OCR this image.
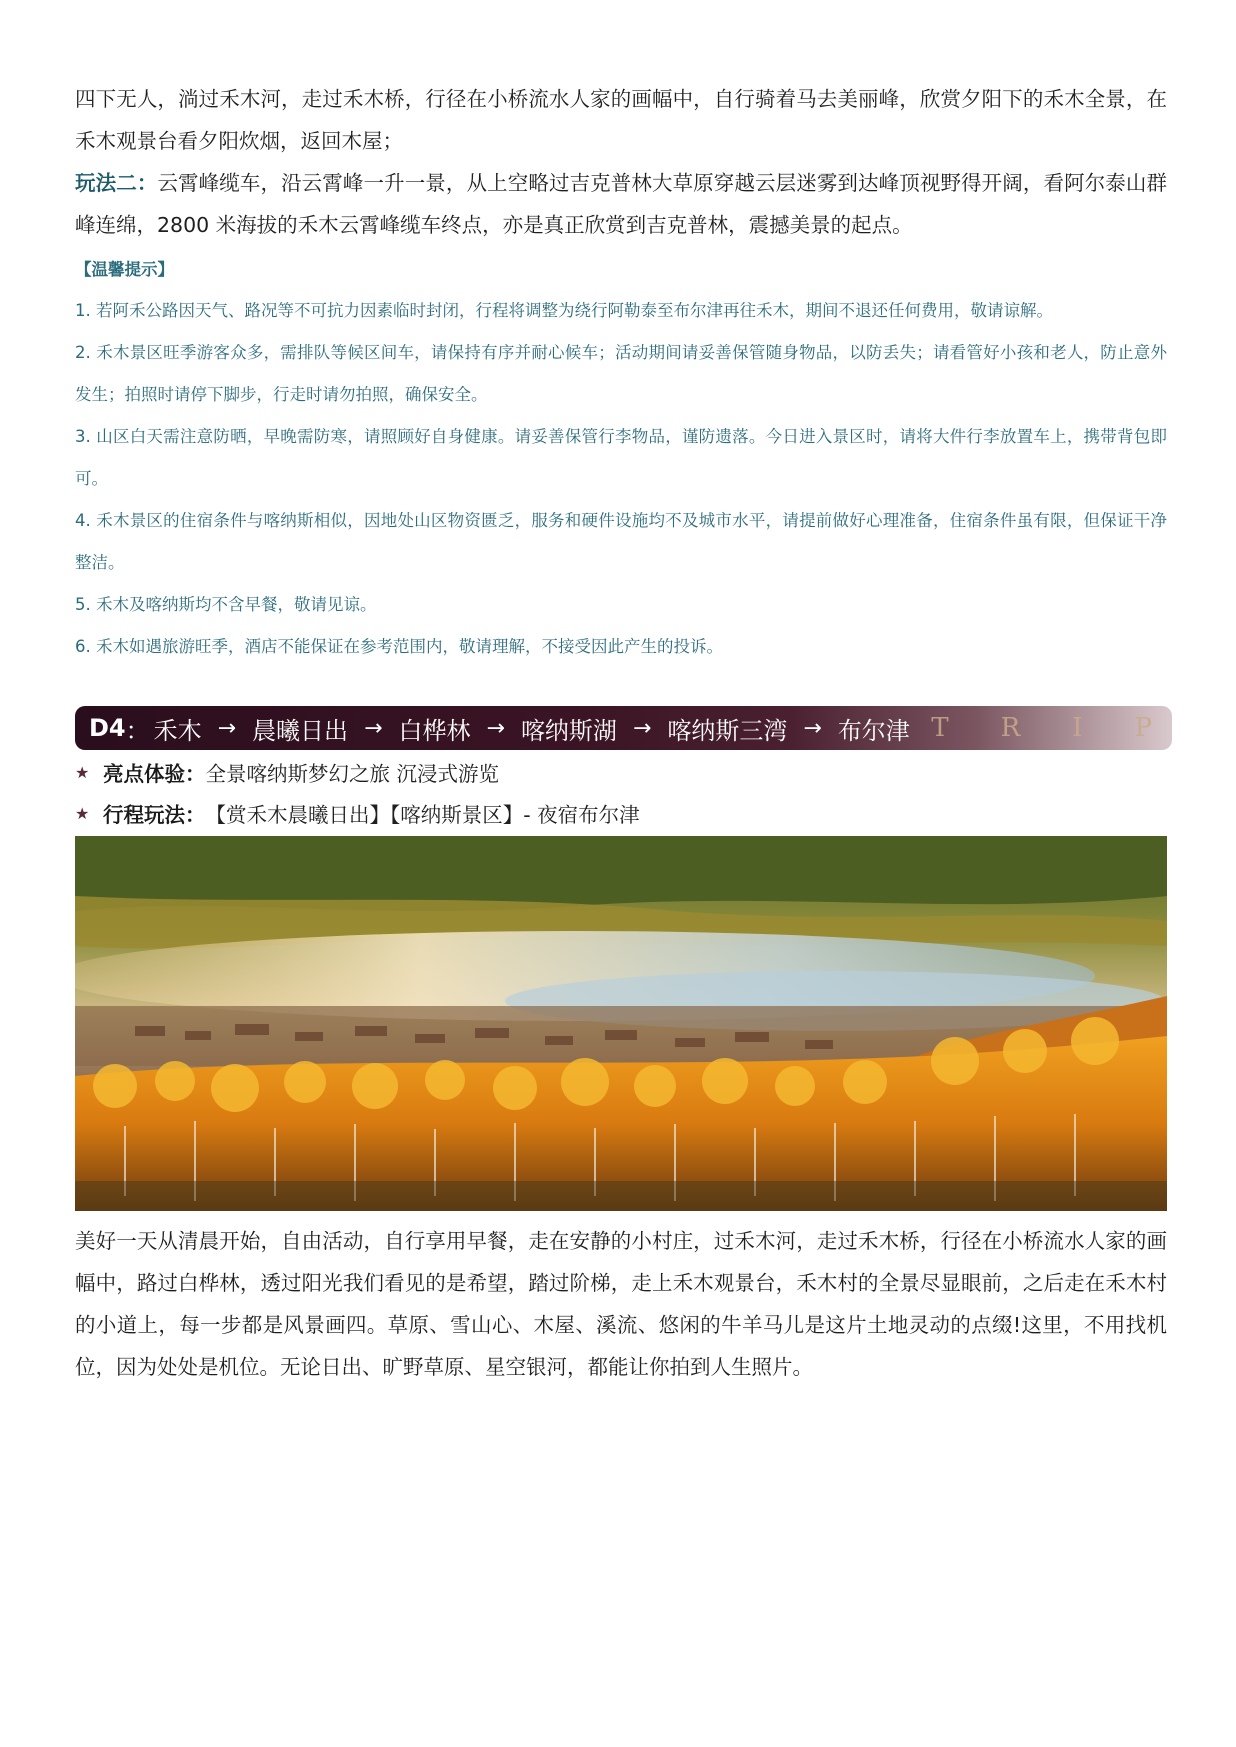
四下无人，淌过禾木河，走过禾木桥，行径在小桥流水人家的画幅中，自行骑着马去美丽峰，欣赏夕阳下的禾木全景，在禾木观景台看夕阳炊烟，返回木屋；

玩法二：云霄峰缆车，沿云霄峰一升一景，从上空略过吉克普林大草原穿越云层迷雾到达峰顶视野得开阔，看阿尔泰山群峰连绵，2800 米海拔的禾木云霄峰缆车终点，亦是真正欣赏到吉克普林，震撼美景的起点。

【温馨提示】

1. 若阿禾公路因天气、路况等不可抗力因素临时封闭，行程将调整为绕行阿勒泰至布尔津再往禾木，期间不退还任何费用，敬请谅解。

2. 禾木景区旺季游客众多，需排队等候区间车，请保持有序并耐心候车；活动期间请妥善保管随身物品，以防丢失；请看管好小孩和老人，防止意外发生；拍照时请停下脚步，行走时请勿拍照，确保安全。

3. 山区白天需注意防晒，早晚需防寒，请照顾好自身健康。请妥善保管行李物品，谨防遗落。今日进入景区时，请将大件行李放置车上，携带背包即可。

4. 禾木景区的住宿条件与喀纳斯相似，因地处山区物资匮乏，服务和硬件设施均不及城市水平，请提前做好心理准备，住宿条件虽有限，但保证干净整洁。

5. 禾木及喀纳斯均不含早餐，敬请见谅。

6. 禾木如遇旅游旺季，酒店不能保证在参考范围内，敬请理解，不接受因此产生的投诉。

D4 ： 禾木 → 晨曦日出 → 白桦林 → 喀纳斯湖 → 喀纳斯三湾 → 布尔津 T R I P
★ 亮点体验： 全景喀纳斯梦幻之旅 沉浸式游览
★ 行程玩法： 【赏禾木晨曦日出】【喀纳斯景区】- 夜宿布尔津

美好一天从清晨开始，自由活动，自行享用早餐，走在安静的小村庄，过禾木河，走过禾木桥，行径在小桥流水人家的画幅中，路过白桦林，透过阳光我们看见的是希望，踏过阶梯，走上禾木观景台，禾木村的全景尽显眼前，之后走在禾木村的小道上，每一步都是风景画四。草原、雪山心、木屋、溪流、悠闲的牛羊马儿是这片土地灵动的点缀!这里，不用找机位，因为处处是机位。无论日出、旷野草原、星空银河，都能让你拍到人生照片。
